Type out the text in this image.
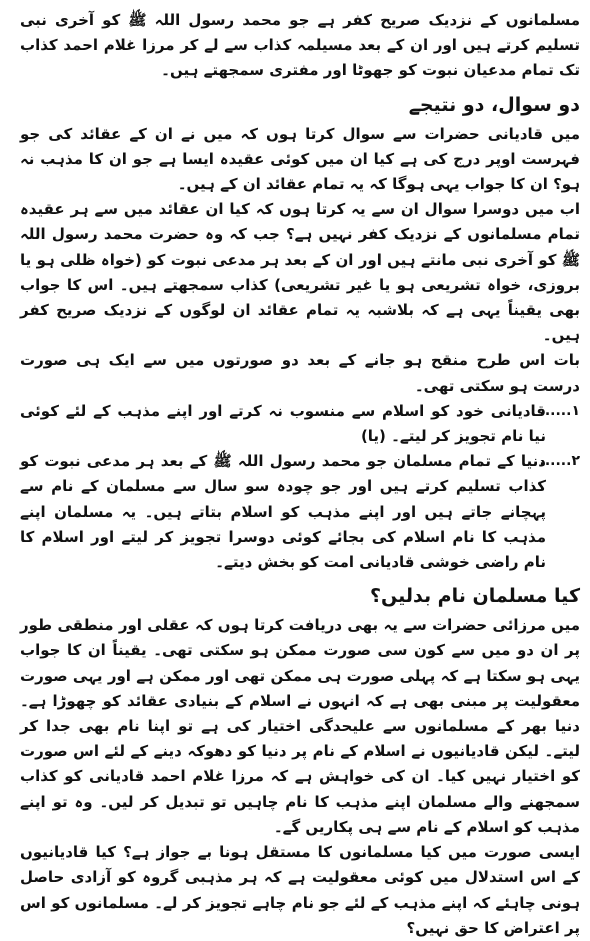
مسلمانوں کے نزدیک صریح کفر ہے جو محمد رسول اللہ ﷺ کو آخری نبی تسلیم کرتے ہیں اور ان کے بعد مسیلمہ کذاب سے لے کر مرزا غلام احمد کذاب تک تمام مدعیان نبوت کو جھوٹا اور مفتری سمجھتے ہیں۔

دو سوال، دو نتیجے

میں قادیانی حضرات سے سوال کرتا ہوں کہ میں نے ان کے عقائد کی جو فہرست اوپر درج کی ہے کیا ان میں کوئی عقیدہ ایسا ہے جو ان کا مذہب نہ ہو؟ ان کا جواب یہی ہوگا کہ یہ تمام عقائد ان کے ہیں۔

اب میں دوسرا سوال ان سے یہ کرتا ہوں کہ کیا ان عقائد میں سے ہر عقیدہ تمام مسلمانوں کے نزدیک کفر نہیں ہے؟ جب کہ وہ حضرت محمد رسول اللہ ﷺ کو آخری نبی مانتے ہیں اور ان کے بعد ہر مدعی نبوت کو (خواہ ظلی ہو یا بروزی، خواہ تشریعی ہو یا غیر تشریعی) کذاب سمجھتے ہیں۔ اس کا جواب بھی یقیناً یہی ہے کہ بلاشبہ یہ تمام عقائد ان لوگوں کے نزدیک صریح کفر ہیں۔

بات اس طرح منقح ہو جانے کے بعد دو صورتوں میں سے ایک ہی صورت درست ہو سکتی تھی۔

۱......
قادیانی خود کو اسلام سے منسوب نہ کرتے اور اپنے مذہب کے لئے کوئی نیا نام تجویز کر لیتے۔ (یا)
۲......
دنیا کے تمام مسلمان جو محمد رسول اللہ ﷺ کے بعد ہر مدعی نبوت کو کذاب تسلیم کرتے ہیں اور جو چودہ سو سال سے مسلمان کے نام سے پہچانے جاتے ہیں اور اپنے مذہب کو اسلام بتاتے ہیں۔ یہ مسلمان اپنے مذہب کا نام اسلام کی بجائے کوئی دوسرا تجویز کر لیتے اور اسلام کا نام راضی خوشی قادیانی امت کو بخش دیتے۔
کیا مسلمان نام بدلیں؟

میں مرزائی حضرات سے یہ بھی دریافت کرتا ہوں کہ عقلی اور منطقی طور پر ان دو میں سے کون سی صورت ممکن ہو سکتی تھی۔ یقیناً ان کا جواب یہی ہو سکتا ہے کہ پہلی صورت ہی ممکن تھی اور ممکن ہے اور یہی صورت معقولیت پر مبنی بھی ہے کہ انہوں نے اسلام کے بنیادی عقائد کو چھوڑا ہے۔ دنیا بھر کے مسلمانوں سے علیحدگی اختیار کی ہے تو اپنا نام بھی جدا کر لیتے۔ لیکن قادیانیوں نے اسلام کے نام پر دنیا کو دھوکہ دینے کے لئے اس صورت کو اختیار نہیں کیا۔ ان کی خواہش ہے کہ مرزا غلام احمد قادیانی کو کذاب سمجھنے والے مسلمان اپنے مذہب کا نام چاہیں تو تبدیل کر لیں۔ وہ تو اپنے مذہب کو اسلام کے نام سے ہی پکاریں گے۔

ایسی صورت میں کیا مسلمانوں کا مستقل ہونا بے جواز ہے؟ کیا قادیانیوں کے اس استدلال میں کوئی معقولیت ہے کہ ہر مذہبی گروہ کو آزادی حاصل ہونی چاہئے کہ اپنے مذہب کے لئے جو نام چاہے تجویز کر لے۔ مسلمانوں کو اس پر اعتراض کا حق نہیں؟
